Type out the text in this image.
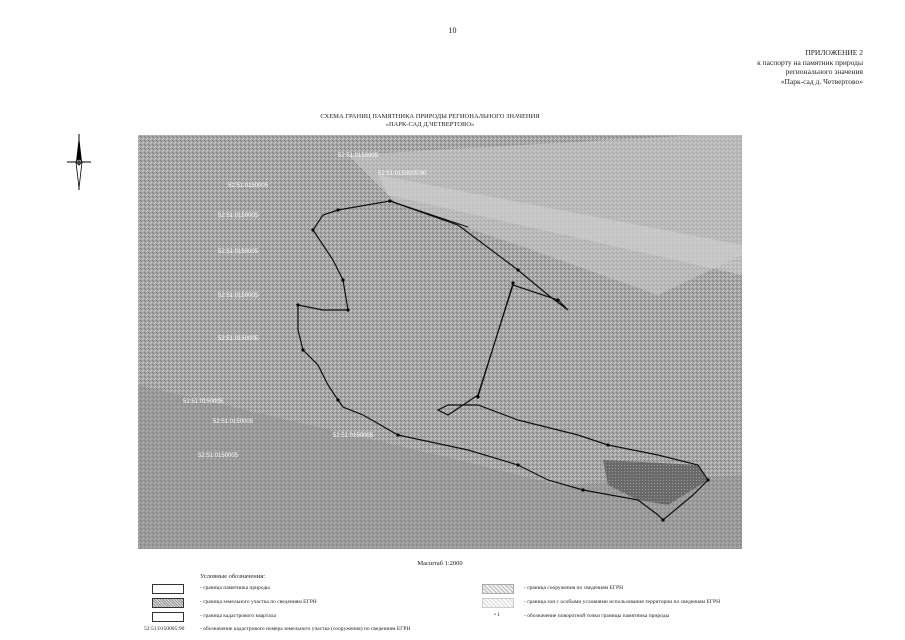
10
ПРИЛОЖЕНИЕ 2
к паспорту на памятник природы
регионального значения
«Парк-сад д. Четвертово»
СХЕМА ГРАНИЦ ПАМЯТНИКА ПРИРОДЫ РЕГИОНАЛЬНОГО ЗНАЧЕНИЯ
«ПАРК-САД Д.ЧЕТВЕРТОВО»
52:51:0150005
52:51:0150005:90
52:51:0150005
52:51:0150005
52:51:0150005
52:51:0150005
52:51:0150005
52:51:0150005
52:51:0150005
52:51:0150005
52:51:0150005
Масштаб 1:2000
Условные обозначения:
- граница памятника природы
- граница земельного участка по сведениям ЕГРН
- граница кадастрового квартала
52:51:0150005:90	- обозначение кадастрового номера земельного участка (сооружения) по сведениям ЕГРН
- граница сооружения по сведениям ЕГРН
- граница зон с особыми условиями использования территории по сведениям ЕГРН
• 1	- обозначение поворотной точки границы памятника природы
